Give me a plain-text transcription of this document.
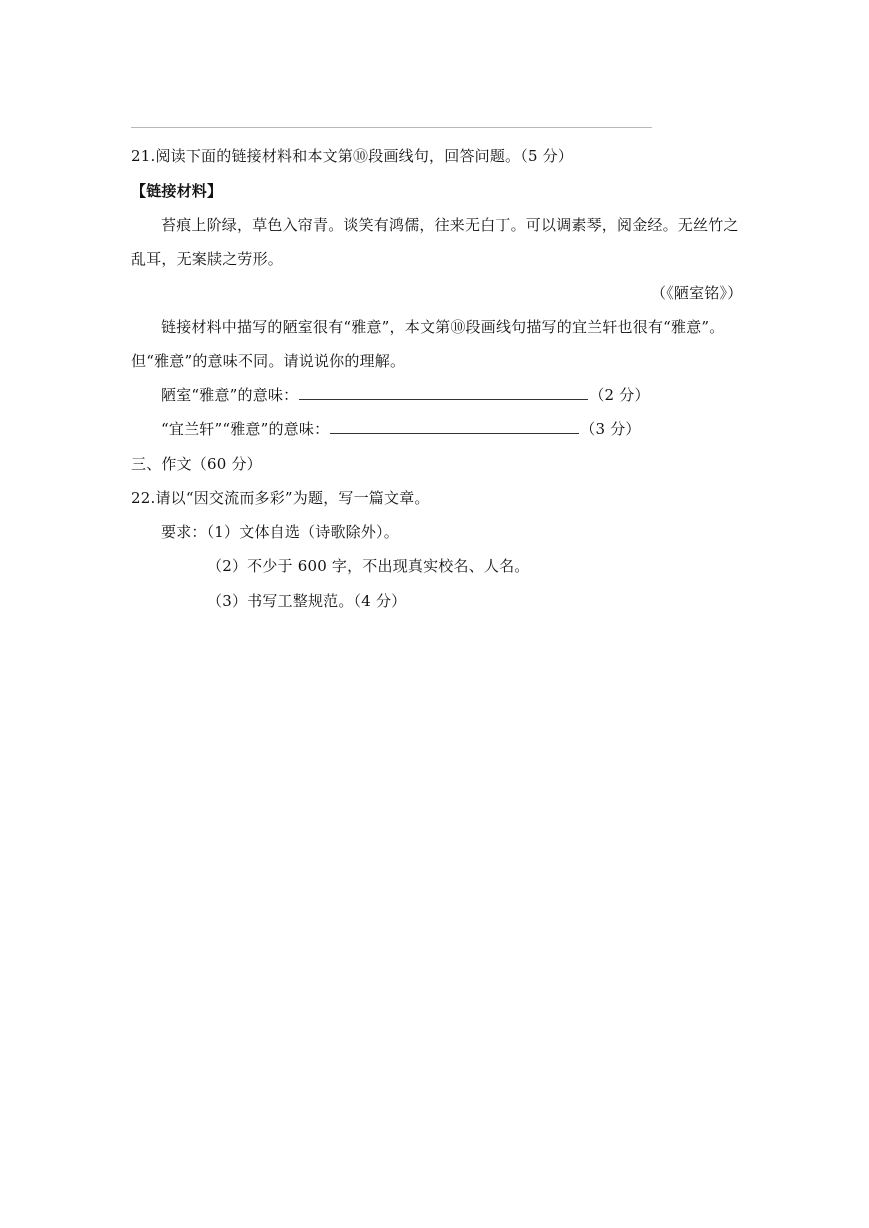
21.阅读下面的链接材料和本文第⑩段画线句，回答问题。（5 分）
【链接材料】
苔痕上阶绿，草色入帘青。谈笑有鸿儒，往来无白丁。可以调素琴，阅金经。无丝竹之
乱耳，无案牍之劳形。
（《陋室铭》）
链接材料中描写的陋室很有“雅意”，本文第⑩段画线句描写的宜兰轩也很有“雅意”。
但“雅意”的意味不同。请说说你的理解。
陋室“雅意”的意味：	（2 分）
“宜兰轩”“雅意”的意味：	（3 分）
三、作文（60 分）
22.请以“因交流而多彩”为题，写一篇文章。
要求：（1）文体自选（诗歌除外）。
（2）不少于 600 字，不出现真实校名、人名。
（3）书写工整规范。（4 分）
